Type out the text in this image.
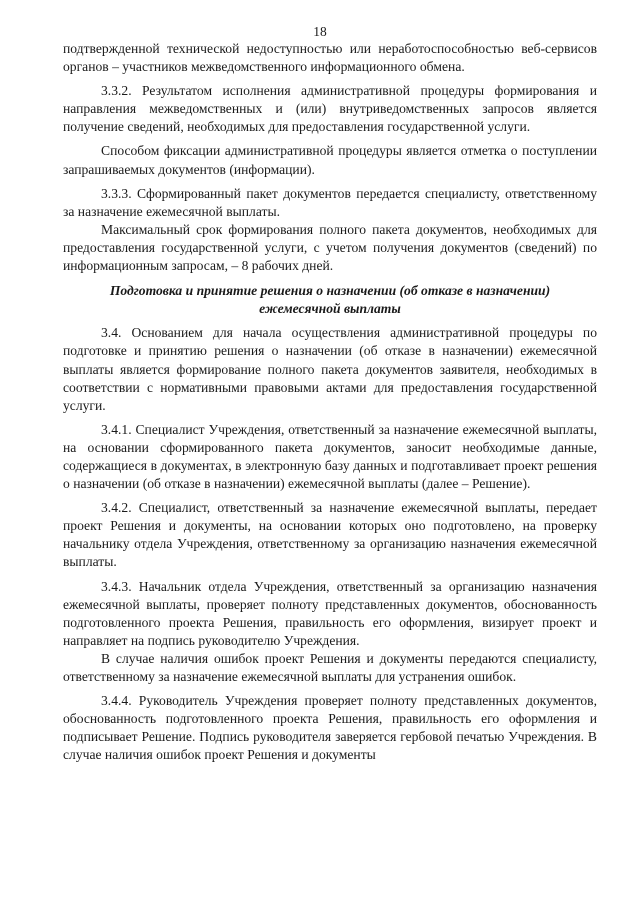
18

подтвержденной технической недоступностью или неработоспособностью веб-сервисов органов – участников межведомственного информационного обмена.

3.3.2. Результатом исполнения административной процедуры формирования и направления межведомственных и (или) внутриведомственных запросов является получение сведений, необходимых для предоставления государственной услуги.

Способом фиксации административной процедуры является отметка о поступлении запрашиваемых документов (информации).

3.3.3. Сформированный пакет документов передается специалисту, ответственному за назначение ежемесячной выплаты.

Максимальный срок формирования полного пакета документов, необходимых для предоставления государственной услуги, с учетом получения документов (сведений) по информационным запросам, – 8 рабочих дней.

Подготовка и принятие решения о назначении (об отказе в назначении)
ежемесячной выплаты

3.4. Основанием для начала осуществления административной процедуры по подготовке и принятию решения о назначении (об отказе в назначении) ежемесячной выплаты является формирование полного пакета документов заявителя, необходимых в соответствии с нормативными правовыми актами для предоставления государственной услуги.

3.4.1. Специалист Учреждения, ответственный за назначение ежемесячной выплаты, на основании сформированного пакета документов, заносит необходимые данные, содержащиеся в документах, в электронную базу данных и подготавливает проект решения о назначении (об отказе в назначении) ежемесячной выплаты (далее – Решение).

3.4.2. Специалист, ответственный за назначение ежемесячной выплаты, передает проект Решения и документы, на основании которых оно подготовлено, на проверку начальнику отдела Учреждения, ответственному за организацию назначения ежемесячной выплаты.

3.4.3. Начальник отдела Учреждения, ответственный за организацию назначения ежемесячной выплаты, проверяет полноту представленных документов, обоснованность подготовленного проекта Решения, правильность его оформления, визирует проект и направляет на подпись руководителю Учреждения.

В случае наличия ошибок проект Решения и документы передаются специалисту, ответственному за назначение ежемесячной выплаты для устранения ошибок.

3.4.4. Руководитель Учреждения проверяет полноту представленных документов, обоснованность подготовленного проекта Решения, правильность его оформления и подписывает Решение. Подпись руководителя заверяется гербовой печатью Учреждения. В случае наличия ошибок проект Решения и документы
